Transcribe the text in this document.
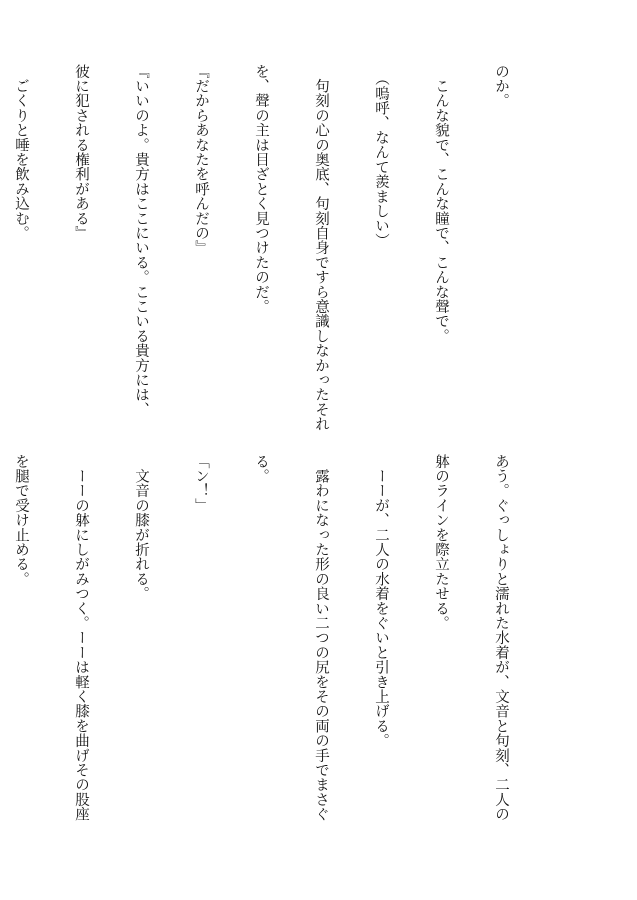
のか。

　こんな貌で、こんな瞳で、こんな聲で。

　（嗚呼、なんて羨ましい）

　句刻の心の奥底、句刻自身ですら意識しなかったそれ

を、聲の主は目ざとく見つけたのだ。

『だからあなたを呼んだの』

『いいのよ。貴方はここにいる。ここいる貴方には、

彼に犯される権利がある』

　ごくりと唾を飲み込む。

あう。ぐっしょりと濡れた水着が、文音と句刻、二人の

躰のラインを際立たせる。

　ーーが、二人の水着をぐいと引き上げる。

　露わになった形の良い二つの尻をその両の手でまさぐ

る。

「ン！」

　文音の膝が折れる。

　ーーの躰にしがみつく。ーーは軽く膝を曲げその股座

を腿で受け止める。
